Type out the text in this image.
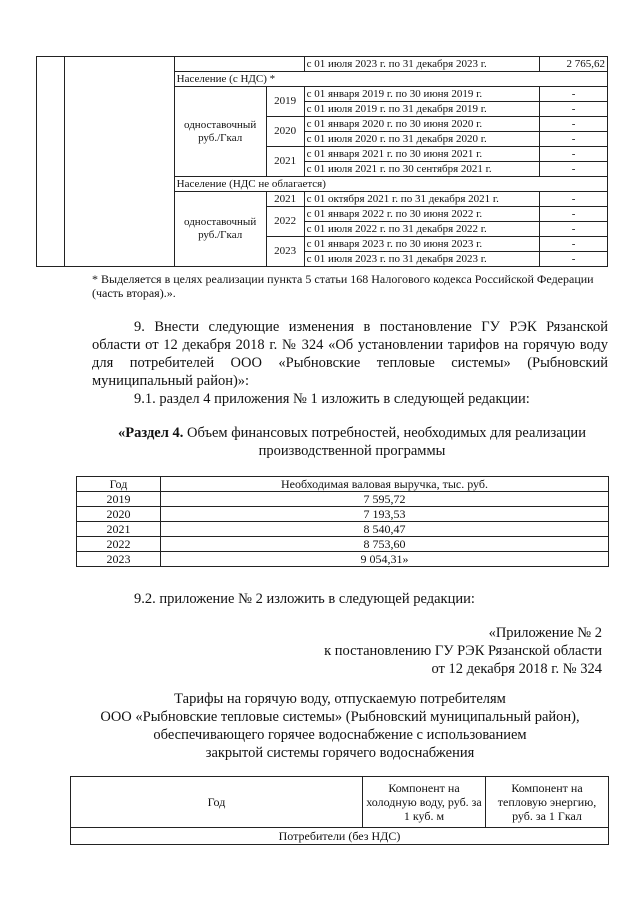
				с 01 июля 2023 г. по 31 декабря 2023 г.	2 765,62
		Население (с НДС) *			
		одноставочный руб./Гкал	2019	с 01 января 2019 г. по 30 июня 2019 г.	-
				с 01 июля 2019 г. по 31 декабря 2019 г.	-
			2020	с 01 января 2020 г. по 30 июня 2020 г.	-
				с 01 июля 2020 г. по 31 декабря 2020 г.	-
			2021	с 01 января 2021 г. по 30 июня 2021 г.	-
				с 01 июля 2021 г. по 30 сентября 2021 г.	-
		Население (НДС не облагается)			
		одноставочный руб./Гкал	2021	с 01 октября 2021 г. по 31 декабря 2021 г.	-
			2022	с 01 января 2022 г. по 30 июня 2022 г.	-
				с 01 июля 2022 г. по 31 декабря 2022 г.	-
			2023	с 01 января 2023 г. по 30 июня 2023 г.	-
				с 01 июля 2023 г. по 31 декабря 2023 г.	-
* Выделяется в целях реализации пункта 5 статьи 168 Налогового кодекса Российской Федерации (часть вторая).».
9. Внести следующие изменения в постановление ГУ РЭК Рязанской области от 12 декабря 2018 г. № 324 «Об установлении тарифов на горячую воду для потребителей ООО «Рыбновские тепловые системы» (Рыбновский муниципальный район)»:
9.1. раздел 4 приложения № 1 изложить в следующей редакции:
«Раздел 4. Объем финансовых потребностей, необходимых для реализации производственной программы
Год	Необходимая валовая выручка, тыс. руб.
2019	7 595,72
2020	7 193,53
2021	8 540,47
2022	8 753,60
2023	9 054,31»
9.2. приложение № 2 изложить в следующей редакции:
«Приложение № 2
к постановлению ГУ РЭК Рязанской области
от 12 декабря 2018 г. № 324
Тарифы на горячую воду, отпускаемую потребителям
ООО «Рыбновские тепловые системы» (Рыбновский муниципальный район),
обеспечивающего горячее водоснабжение с использованием
закрытой системы горячего водоснабжения
Год	Компонент на холодную воду, руб. за 1 куб. м	Компонент на тепловую энергию, руб. за 1 Гкал
Потребители (без НДС)
